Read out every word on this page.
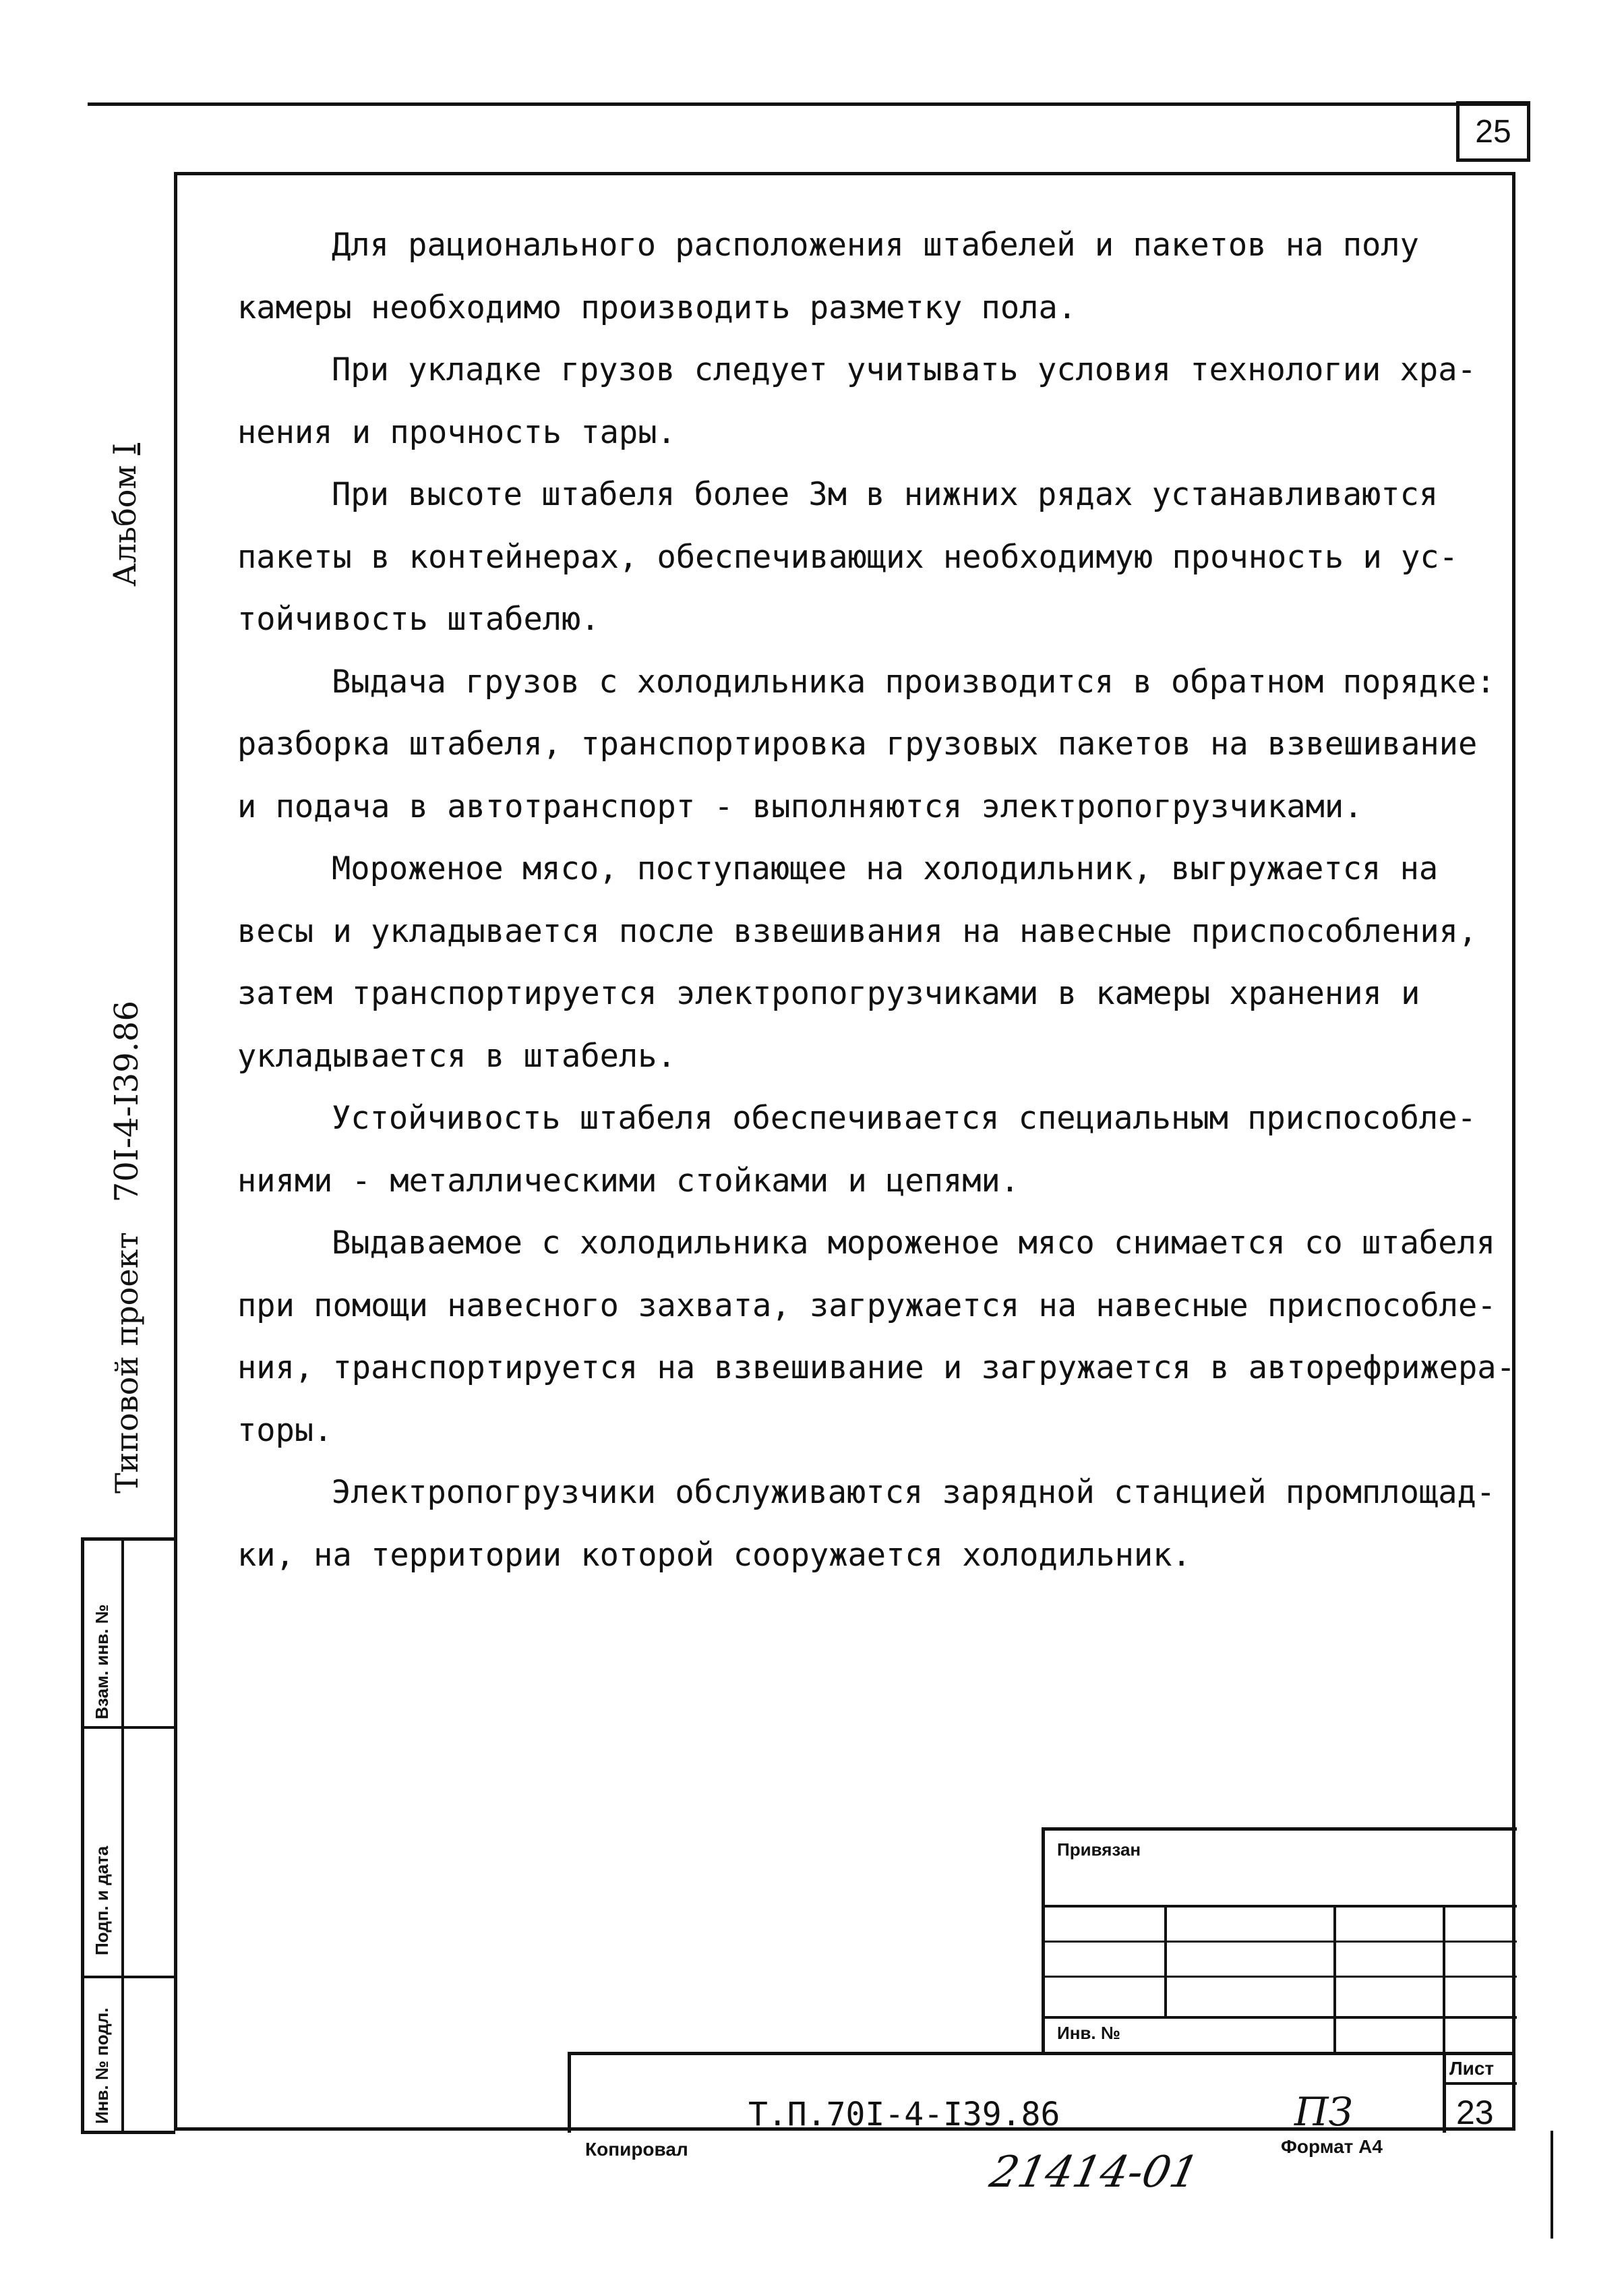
25
Для рационального расположения штабелей и пакетов на полу
камеры необходимо производить разметку пола.
При укладке грузов следует учитывать условия технологии хра-
нения и прочность тары.
При высоте штабеля более 3м в нижних рядах устанавливаются
пакеты в контейнерах, обеспечивающих необходимую прочность и ус-
тойчивость штабелю.
Выдача грузов с холодильника производится в обратном порядке:
разборка штабеля, транспортировка грузовых пакетов на взвешивание
и подача в автотранспорт - выполняются электропогрузчиками.
Мороженое мясо, поступающее на холодильник, выгружается на
весы и укладывается после взвешивания на навесные приспособления,
затем транспортируется электропогрузчиками в камеры хранения и
укладывается в штабель.
Устойчивость штабеля обеспечивается специальным приспособле-
ниями - металлическими стойками и цепями.
Выдаваемое с холодильника мороженое мясо снимается со штабеля
при помощи навесного захвата, загружается на навесные приспособле-
ния, транспортируется на взвешивание и загружается в авторефрижера-
торы.
Электропогрузчики обслуживаются зарядной станцией промплощад-
ки, на территории которой сооружается холодильник.
Альбом I
Типовой проект   70I-4-I39.86
Взам. инв. №
Подп. и дата
Инв. № подл.
Привязан
Инв. №
Лист
Т.П.70I-4-I39.86	ПЗ	23
Копировал	21414-01
Формат А4
